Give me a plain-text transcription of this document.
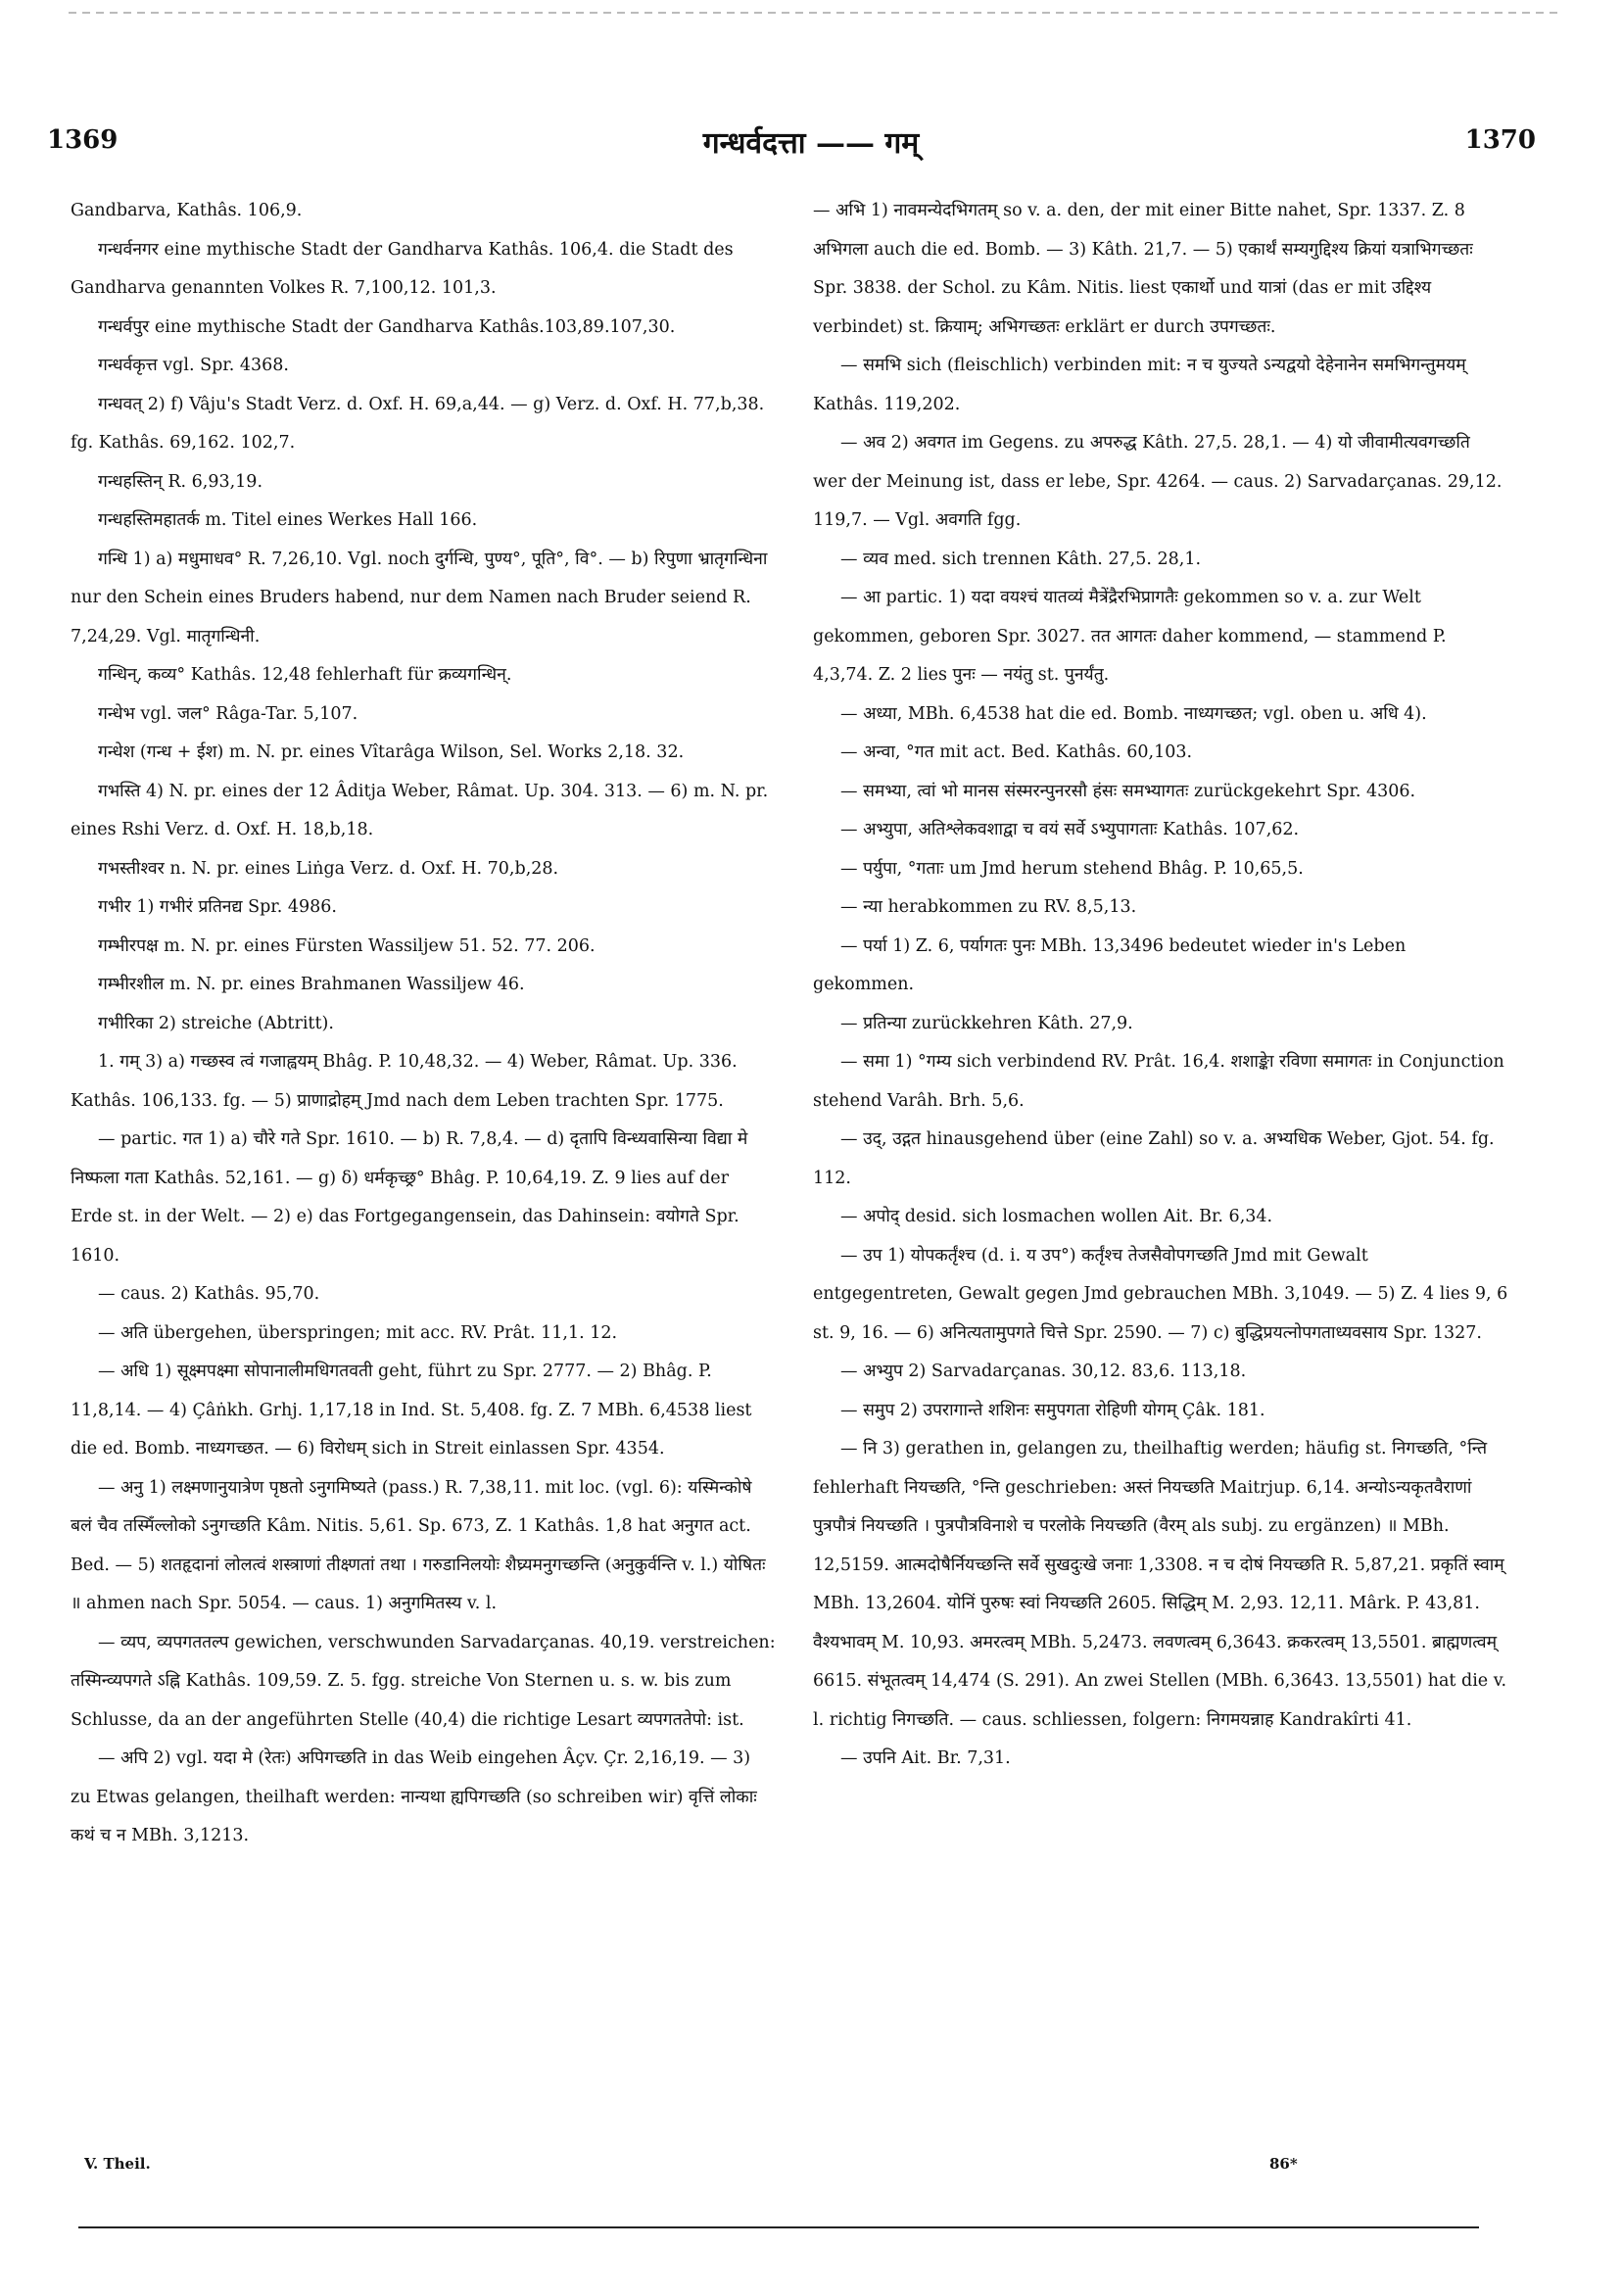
1369	गन्धर्वदत्ता —— गम्	1370

Gandbarva, Kathâs. 106,9.

गन्धर्वनगर eine mythische Stadt der Gandharva Kathâs. 106,4. die Stadt des Gandharva genannten Volkes R. 7,100,12. 101,3.

गन्धर्वपुर eine mythische Stadt der Gandharva Kathâs.103,89.107,30.

गन्धर्वकृत्त vgl. Spr. 4368.

गन्धवत् 2) f) Vâju's Stadt Verz. d. Oxf. H. 69,a,44. — g) Verz. d. Oxf. H. 77,b,38. fg. Kathâs. 69,162. 102,7.

गन्धहस्तिन् R. 6,93,19.

गन्धहस्तिमहातर्क m. Titel eines Werkes Hall 166.

गन्धि 1) a) मधुमाधव° R. 7,26,10. Vgl. noch दुर्गन्धि, पुण्य°, पूति°, वि°. — b) रिपुणा भ्रातृगन्धिना nur den Schein eines Bruders habend, nur dem Namen nach Bruder seiend R. 7,24,29. Vgl. मातृगन्धिनी.

गन्धिन्, कव्य° Kathâs. 12,48 fehlerhaft für क्रव्यगन्धिन्.

गन्धेभ vgl. जल° Râga-Tar. 5,107.

गन्धेश (गन्ध + ईश) m. N. pr. eines Vîtarâga Wilson, Sel. Works 2,18. 32.

गभस्ति 4) N. pr. eines der 12 Âditja Weber, Râmat. Up. 304. 313. — 6) m. N. pr. eines Rshi Verz. d. Oxf. H. 18,b,18.

गभस्तीश्वर n. N. pr. eines Liṅga Verz. d. Oxf. H. 70,b,28.

गभीर 1) गभीरं प्रतिनद्य Spr. 4986.

गम्भीरपक्ष m. N. pr. eines Fürsten Wassiljew 51. 52. 77. 206.

गम्भीरशील m. N. pr. eines Brahmanen Wassiljew 46.

गभीरिका 2) streiche (Abtritt).

1. गम् 3) a) गच्छस्व त्वं गजाह्वयम् Bhâg. P. 10,48,32. — 4) Weber, Râmat. Up. 336. Kathâs. 106,133. fg. — 5) प्राणाद्रोहम् Jmd nach dem Leben trachten Spr. 1775.

— partic. गत 1) a) चौरे गते Spr. 1610. — b) R. 7,8,4. — d) दृतापि विन्ध्यवासिन्या विद्या मे निष्फला गता Kathâs. 52,161. — g) δ) धर्मकृच्छ्र° Bhâg. P. 10,64,19. Z. 9 lies auf der Erde st. in der Welt. — 2) e) das Fortgegangensein, das Dahinsein: वयोगते Spr. 1610.

— caus. 2) Kathâs. 95,70.

— अति übergehen, überspringen; mit acc. RV. Prât. 11,1. 12.

— अधि 1) सूक्ष्मपक्ष्मा सोपानालीमधिगतवती geht, führt zu Spr. 2777. — 2) Bhâg. P. 11,8,14. — 4) Çâṅkh. Grhj. 1,17,18 in Ind. St. 5,408. fg. Z. 7 MBh. 6,4538 liest die ed. Bomb. नाध्यगच्छत. — 6) विरोधम् sich in Streit einlassen Spr. 4354.

— अनु 1) लक्ष्मणानुयात्रेण पृष्ठतो ऽनुगमिष्यते (pass.) R. 7,38,11. mit loc. (vgl. 6): यस्मिन्कोषे बलं चैव तस्मिँल्लोको ऽनुगच्छति Kâm. Nitis. 5,61. Sp. 673, Z. 1 Kathâs. 1,8 hat अनुगत act. Bed. — 5) शतहृदानां लोलत्वं शस्त्राणां तीक्ष्णतां तथा । गरुडानिलयोः शैघ्र्यमनुगच्छन्ति (अनुकुर्वन्ति v. l.) योषितः ॥ ahmen nach Spr. 5054. — caus. 1) अनुगमितस्य v. l.

— व्यप, व्यपगततल्प gewichen, verschwunden Sarvadarçanas. 40,19. verstreichen: तस्मिन्व्यपगते ऽह्नि Kathâs. 109,59. Z. 5. fgg. streiche Von Sternen u. s. w. bis zum Schlusse, da an der angeführten Stelle (40,4) die richtige Lesart व्यपगततेपो: ist.

— अपि 2) vgl. यदा मे (रेतः) अपिगच्छति in das Weib eingehen Âçv. Çr. 2,16,19. — 3) zu Etwas gelangen, theilhaft werden: नान्यथा ह्यपिगच्छति (so schreiben wir) वृत्तिं लोकाः कथं च न MBh. 3,1213.

— अभि 1) नावमन्येदभिगतम् so v. a. den, der mit einer Bitte nahet, Spr. 1337. Z. 8 अभिगला auch die ed. Bomb. — 3) Kâth. 21,7. — 5) एकार्थं सम्यगुद्दिश्य क्रियां यत्राभिगच्छतः Spr. 3838. der Schol. zu Kâm. Nitis. liest एकार्थो und यात्रां (das er mit उद्दिश्य verbindet) st. क्रियाम्; अभिगच्छतः erklärt er durch उपगच्छतः.

— समभि sich (fleischlich) verbinden mit: न च युज्यते ऽन्यद्वयो देहेनानेन समभिगन्तुमयम् Kathâs. 119,202.

— अव 2) अवगत im Gegens. zu अपरुद्ध Kâth. 27,5. 28,1. — 4) यो जीवामीत्यवगच्छति wer der Meinung ist, dass er lebe, Spr. 4264. — caus. 2) Sarvadarçanas. 29,12. 119,7. — Vgl. अवगति fgg.

— व्यव med. sich trennen Kâth. 27,5. 28,1.

— आ partic. 1) यदा वयश्चं यातव्यं मैत्रेंद्रैरभिप्रागतैः gekommen so v. a. zur Welt gekommen, geboren Spr. 3027. तत आगतः daher kommend, — stammend P. 4,3,74. Z. 2 lies पुनः — नयंतु st. पुनर्यंतु.

— अध्या, MBh. 6,4538 hat die ed. Bomb. नाध्यगच्छत; vgl. oben u. अधि 4).

— अन्वा, °गत mit act. Bed. Kathâs. 60,103.

— समभ्या, त्वां भो मानस संस्मरन्पुनरसौ हंसः समभ्यागतः zurückgekehrt Spr. 4306.

— अभ्युपा, अतिश्लेकवशाद्वा च वयं सर्वे ऽभ्युपागताः Kathâs. 107,62.

— पर्युपा, °गताः um Jmd herum stehend Bhâg. P. 10,65,5.

— न्या herabkommen zu RV. 8,5,13.

— पर्या 1) Z. 6, पर्यागतः पुनः MBh. 13,3496 bedeutet wieder in's Leben gekommen.

— प्रतिन्या zurückkehren Kâth. 27,9.

— समा 1) °गम्य sich verbindend RV. Prât. 16,4. शशाङ्केा रविणा समागतः in Conjunction stehend Varâh. Brh. 5,6.

— उद्, उद्गत hinausgehend über (eine Zahl) so v. a. अभ्यधिक Weber, Gjot. 54. fg. 112.

— अपोद् desid. sich losmachen wollen Ait. Br. 6,34.

— उप 1) योपकर्तृंश्च (d. i. य उप°) कर्तृंश्च तेजसैवोपगच्छति Jmd mit Gewalt entgegentreten, Gewalt gegen Jmd gebrauchen MBh. 3,1049. — 5) Z. 4 lies 9, 6 st. 9, 16. — 6) अनित्यतामुपगते चित्ते Spr. 2590. — 7) c) बुद्धिप्रयत्नोपगताध्यवसाय Spr. 1327.

— अभ्युप 2) Sarvadarçanas. 30,12. 83,6. 113,18.

— समुप 2) उपरागान्ते शशिनः समुपगता रोहिणी योगम् Çâk. 181.

— नि 3) gerathen in, gelangen zu, theilhaftig werden; häufig st. निगच्छति, °न्ति fehlerhaft नियच्छति, °न्ति geschrieben: अस्तं नियच्छति Maitrjup. 6,14. अन्योऽन्यकृतवैराणां पुत्रपौत्रं नियच्छति । पुत्रपौत्रविनाशे च परलोके नियच्छति (वैरम् als subj. zu ergänzen) ॥ MBh. 12,5159. आत्मदोषैर्नियच्छन्ति सर्वे सुखदुःखे जनाः 1,3308. न च दोषं नियच्छति R. 5,87,21. प्रकृतिं स्वाम् MBh. 13,2604. योनिं पुरुषः स्वां नियच्छति 2605. सिद्धिम् M. 2,93. 12,11. Mârk. P. 43,81. वैश्यभावम् M. 10,93. अमरत्वम् MBh. 5,2473. लवणत्वम् 6,3643. क्रकरत्वम् 13,5501. ब्राह्मणत्वम् 6615. संभूतत्वम् 14,474 (S. 291). An zwei Stellen (MBh. 6,3643. 13,5501) hat die v. l. richtig निगच्छति. — caus. schliessen, folgern: निगमयन्नाह Kandrakîrti 41.

— उपनि Ait. Br. 7,31.

V. Theil.	86*
